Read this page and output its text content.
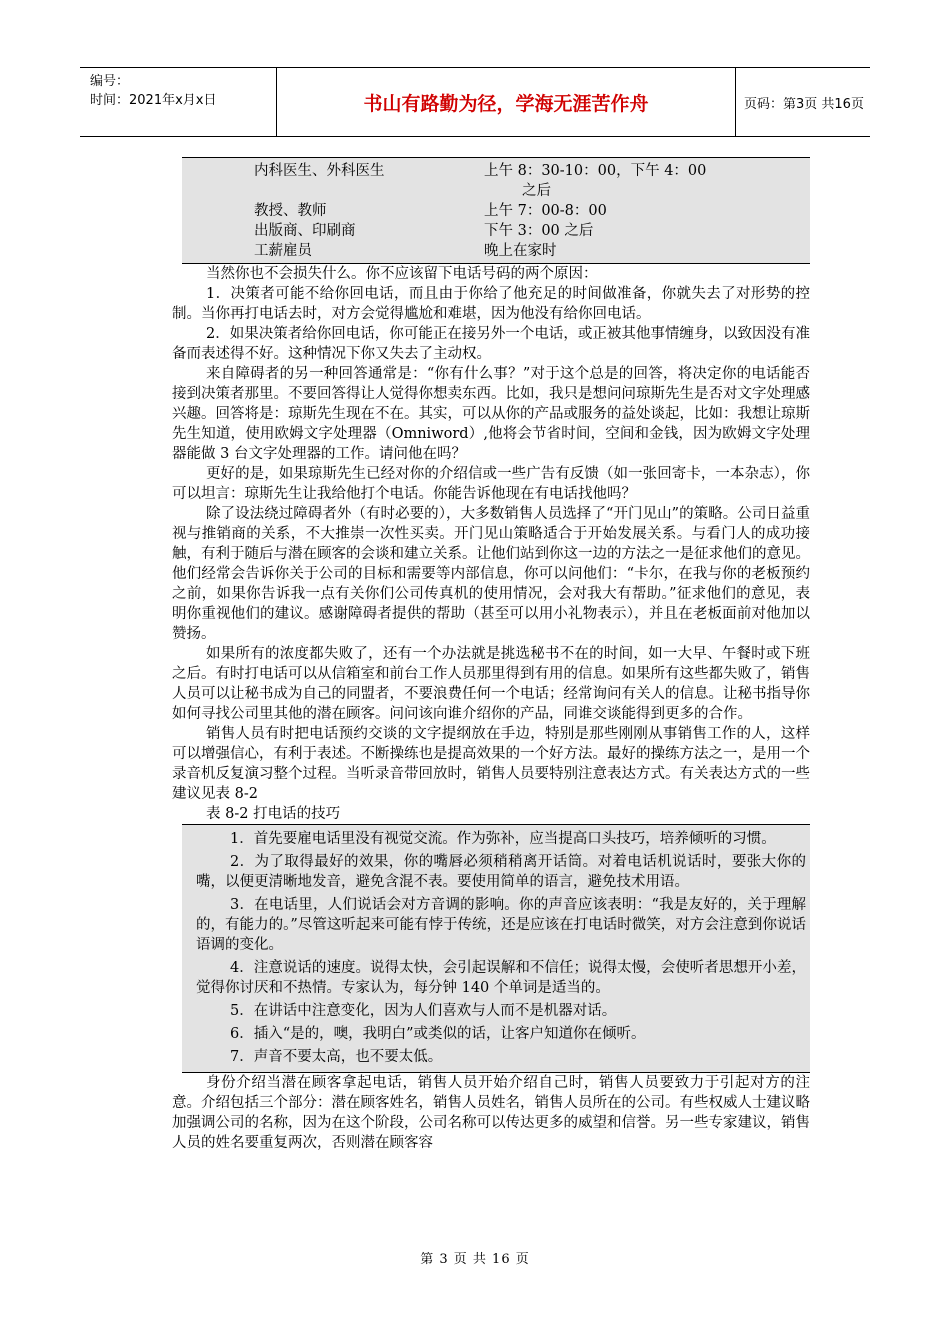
编号：
时间：2021年x月x日	书山有路勤为径，学海无涯苦作舟	页码：第3页 共16页
内科医生、外科医生	上午 8：30-10：00，下午 4：00
之后
教授、教师	上午 7：00-8：00
出版商、印刷商	下午 3：00 之后
工薪雇员	晚上在家时
当然你也不会损失什么。你不应该留下电话号码的两个原因：
1．决策者可能不给你回电话，而且由于你给了他充足的时间做准备，你就失去了对形势的控制。当你再打电话去时，对方会觉得尴尬和难堪，因为他没有给你回电话。
2．如果决策者给你回电话，你可能正在接另外一个电话，或正被其他事情缠身，以致因没有准备而表述得不好。这种情况下你又失去了主动权。
来自障碍者的另一种回答通常是：“你有什么事？”对于这个总是的回答，将决定你的电话能否接到决策者那里。不要回答得让人觉得你想卖东西。比如，我只是想问问琼斯先生是否对文字处理感兴趣。回答将是：琼斯先生现在不在。其实，可以从你的产品或服务的益处谈起，比如：我想让琼斯先生知道，使用欧姆文字处理器（Omniword）,他将会节省时间，空间和金钱，因为欧姆文字处理器能做 3 台文字处理器的工作。请问他在吗？
更好的是，如果琼斯先生已经对你的介绍信或一些广告有反馈（如一张回寄卡，一本杂志），你可以坦言：琼斯先生让我给他打个电话。你能告诉他现在有电话找他吗？
除了设法绕过障碍者外（有时必要的），大多数销售人员选择了“开门见山”的策略。公司日益重视与推销商的关系，不大推崇一次性买卖。开门见山策略适合于开始发展关系。与看门人的成功接触，有利于随后与潜在顾客的会谈和建立关系。让他们站到你这一边的方法之一是征求他们的意见。他们经常会告诉你关于公司的目标和需要等内部信息，你可以问他们：“卡尔，在我与你的老板预约之前，如果你告诉我一点有关你们公司传真机的使用情况，会对我大有帮助。”征求他们的意见，表明你重视他们的建议。感谢障碍者提供的帮助（甚至可以用小礼物表示），并且在老板面前对他加以赞扬。
如果所有的浓度都失败了，还有一个办法就是挑选秘书不在的时间，如一大早、午餐时或下班之后。有时打电话可以从信箱室和前台工作人员那里得到有用的信息。如果所有这些都失败了，销售人员可以让秘书成为自己的同盟者，不要浪费任何一个电话；经常询问有关人的信息。让秘书指导你如何寻找公司里其他的潜在顾客。问问该向谁介绍你的产品，同谁交谈能得到更多的合作。
销售人员有时把电话预约交谈的文字提纲放在手边，特别是那些刚刚从事销售工作的人，这样可以增强信心，有利于表述。不断操练也是提高效果的一个好方法。最好的操练方法之一，是用一个录音机反复演习整个过程。当听录音带回放时，销售人员要特别注意表达方式。有关表达方式的一些建议见表 8-2
表 8-2 打电话的技巧
1．首先要雇电话里没有视觉交流。作为弥补，应当提高口头技巧，培养倾听的习惯。
2．为了取得最好的效果，你的嘴唇必须稍稍离开话筒。对着电话机说话时，要张大你的嘴，以便更清晰地发音，避免含混不表。要使用简单的语言，避免技术用语。
3．在电话里，人们说话会对方音调的影响。你的声音应该表明：“我是友好的，关于理解的，有能力的。”尽管这听起来可能有悖于传统，还是应该在打电话时微笑，对方会注意到你说话语调的变化。
4．注意说话的速度。说得太快，会引起误解和不信任；说得太慢，会使听者思想开小差，觉得你讨厌和不热情。专家认为，每分钟 140 个单词是适当的。
5．在讲话中注意变化，因为人们喜欢与人而不是机器对话。
6．插入“是的，噢，我明白”或类似的话，让客户知道你在倾听。
7．声音不要太高，也不要太低。
身份介绍当潜在顾客拿起电话，销售人员开始介绍自己时，销售人员要致力于引起对方的注意。介绍包括三个部分：潜在顾客姓名，销售人员姓名，销售人员所在的公司。有些权威人士建议略加强调公司的名称，因为在这个阶段，公司名称可以传达更多的威望和信誉。另一些专家建议，销售人员的姓名要重复两次，否则潜在顾客容
第 3 页 共 16 页
